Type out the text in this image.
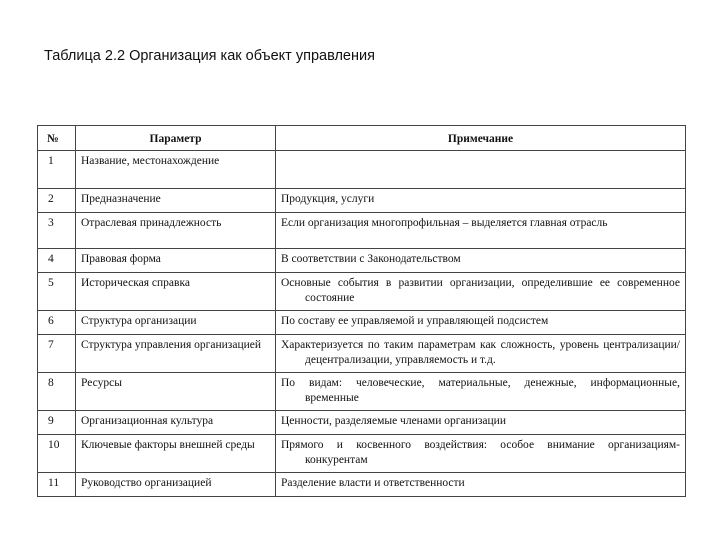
Таблица 2.2 Организация как объект управления
№	Параметр	Примечание

1	Название, местонахождение	

2	Предназначение	Продукция, услуги

3	Отраслевая принадлежность	Если организация многопрофильная – выделяется главная отрасль

4	Правовая форма	В соответствии с Законодательством

5	Историческая справка	Основные события в развитии организации, определившие ее современное состояние

6	Структура организации	По составу ее управляемой и управляющей подсистем

7	Структура управления организацией	Характеризуется по таким параметрам как сложность, уровень централизации/децентрализации, управляемость и т.д.

8	Ресурсы	По видам: человеческие, материальные, денежные, информационные, временные

9	Организационная культура	Ценности, разделяемые членами организации

10	Ключевые факторы внешней среды	Прямого и косвенного воздействия: особое внимание организациям-конкурентам

11	Руководство организацией	Разделение власти и ответственности
